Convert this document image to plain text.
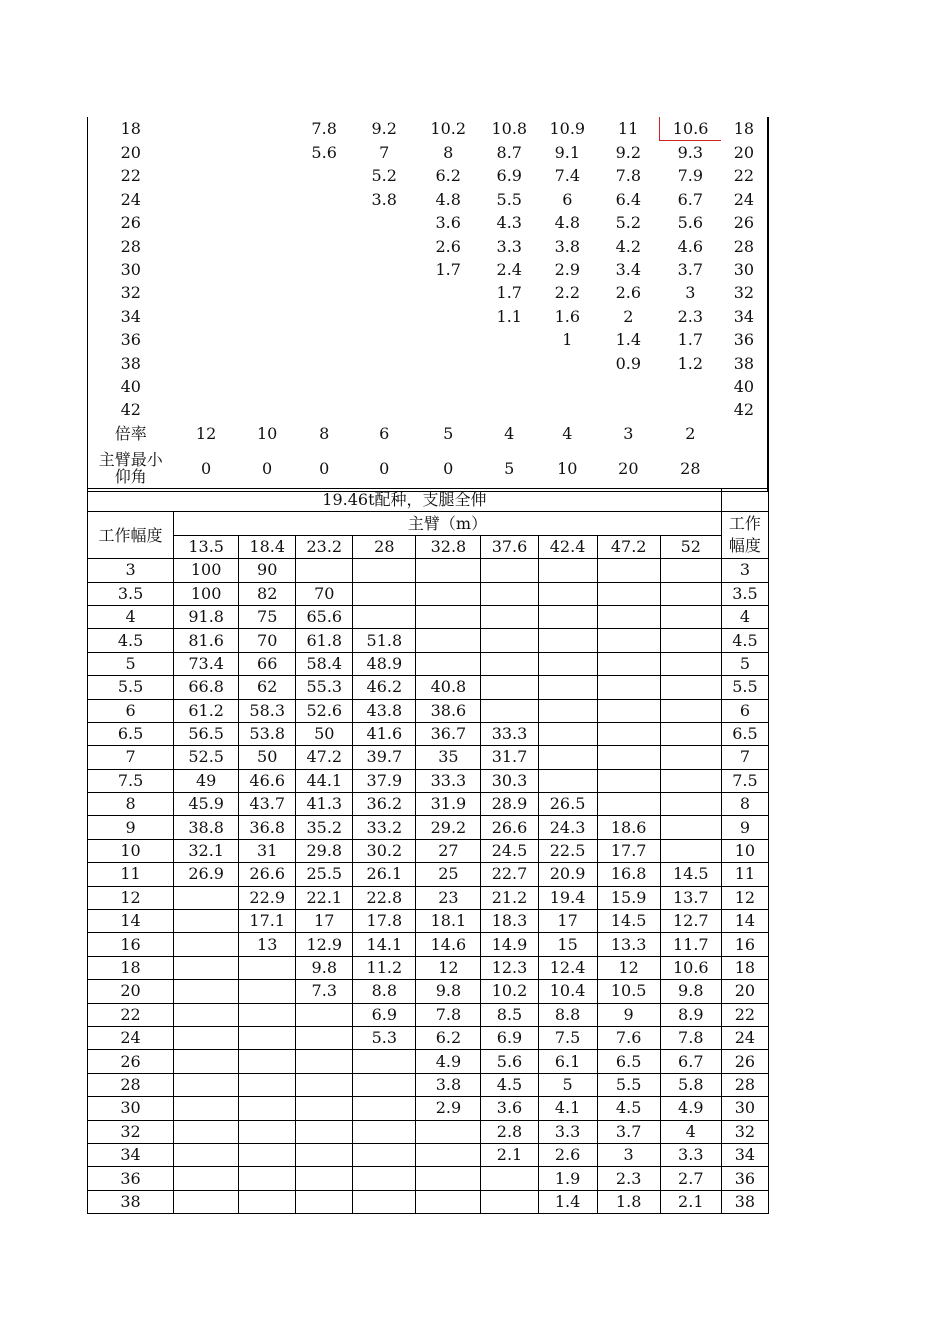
18			7.8	9.2	10.2	10.8	10.9	11	10.6	18
20			5.6	7	8	8.7	9.1	9.2	9.3	20
22				5.2	6.2	6.9	7.4	7.8	7.9	22
24				3.8	4.8	5.5	6	6.4	6.7	24
26					3.6	4.3	4.8	5.2	5.6	26
28					2.6	3.3	3.8	4.2	4.6	28
30					1.7	2.4	2.9	3.4	3.7	30
32						1.7	2.2	2.6	3	32
34						1.1	1.6	2	2.3	34
36							1	1.4	1.7	36
38								0.9	1.2	38
40										40
42										42
倍率	12	10	8	6	5	4	4	3	2	
主臂最小
仰角	0	0	0	0	0	5	10	20	28	
19.46t配种，支腿全伸										
工作幅度	主臂（m）									工作
幅度
	13.5	18.4	23.2	28	32.8	37.6	42.4	47.2	52	
3	100	90								3
3.5	100	82	70							3.5
4	91.8	75	65.6							4
4.5	81.6	70	61.8	51.8						4.5
5	73.4	66	58.4	48.9						5
5.5	66.8	62	55.3	46.2	40.8					5.5
6	61.2	58.3	52.6	43.8	38.6					6
6.5	56.5	53.8	50	41.6	36.7	33.3				6.5
7	52.5	50	47.2	39.7	35	31.7				7
7.5	49	46.6	44.1	37.9	33.3	30.3				7.5
8	45.9	43.7	41.3	36.2	31.9	28.9	26.5			8
9	38.8	36.8	35.2	33.2	29.2	26.6	24.3	18.6		9
10	32.1	31	29.8	30.2	27	24.5	22.5	17.7		10
11	26.9	26.6	25.5	26.1	25	22.7	20.9	16.8	14.5	11
12		22.9	22.1	22.8	23	21.2	19.4	15.9	13.7	12
14		17.1	17	17.8	18.1	18.3	17	14.5	12.7	14
16		13	12.9	14.1	14.6	14.9	15	13.3	11.7	16
18			9.8	11.2	12	12.3	12.4	12	10.6	18
20			7.3	8.8	9.8	10.2	10.4	10.5	9.8	20
22				6.9	7.8	8.5	8.8	9	8.9	22
24				5.3	6.2	6.9	7.5	7.6	7.8	24
26					4.9	5.6	6.1	6.5	6.7	26
28					3.8	4.5	5	5.5	5.8	28
30					2.9	3.6	4.1	4.5	4.9	30
32						2.8	3.3	3.7	4	32
34						2.1	2.6	3	3.3	34
36							1.9	2.3	2.7	36
38							1.4	1.8	2.1	38
